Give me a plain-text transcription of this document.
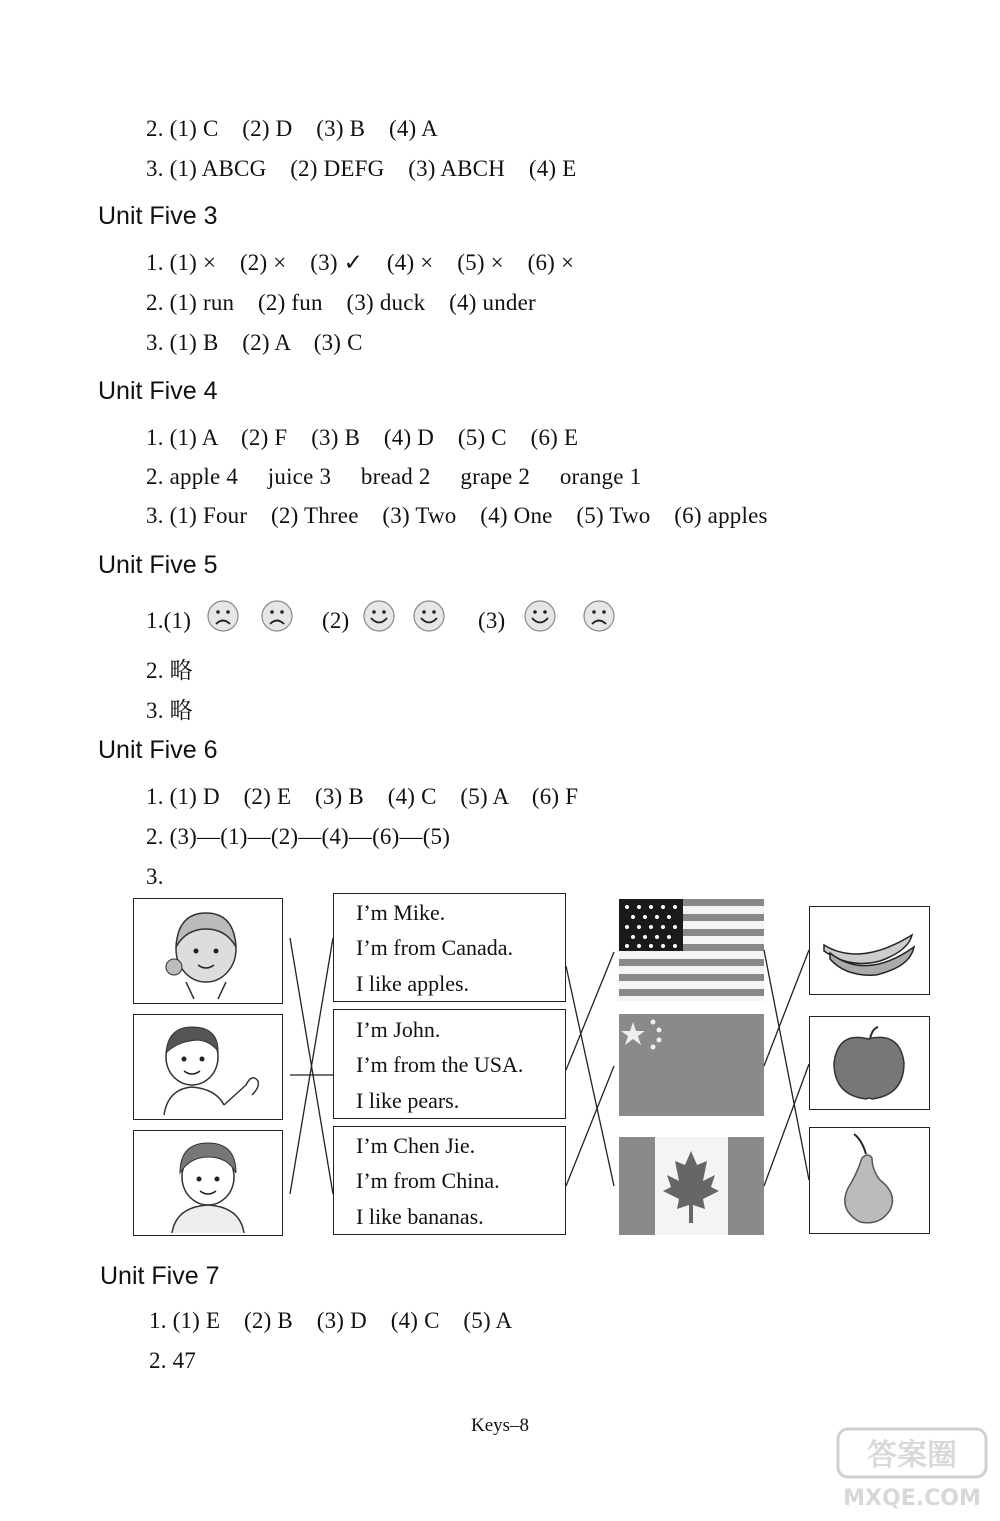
2. (1) C    (2) D    (3) B    (4) A
3. (1) ABCG    (2) DEFG    (3) ABCH    (4) E
Unit Five 3
1. (1) ×    (2) ×    (3) ✓    (4) ×    (5) ×    (6) ×
2. (1) run    (2) fun    (3) duck    (4) under
3. (1) B    (2) A    (3) C
Unit Five 4
1. (1) A    (2) F    (3) B    (4) D    (5) C    (6) E
2. apple 4     juice 3     bread 2     grape 2     orange 1
3. (1) Four    (2) Three    (3) Two    (4) One    (5) Two    (6) apples
Unit Five 5
1.(1)	(2)	(3)
2. 略
3. 略
Unit Five 6
1. (1) D    (2) E    (3) B    (4) C    (5) A    (6) F
2. (3)—(1)—(2)—(4)—(6)—(5)
3.
I’m Mike.
I’m from Canada.
I like apples.
I’m John.
I’m from the USA.
I like pears.
I’m Chen Jie.
I’m from China.
I like bananas.
Unit Five 7
1. (1) E    (2) B    (3) D    (4) C    (5) A
2. 47
Keys–8
答案圈
MXQE.COM
